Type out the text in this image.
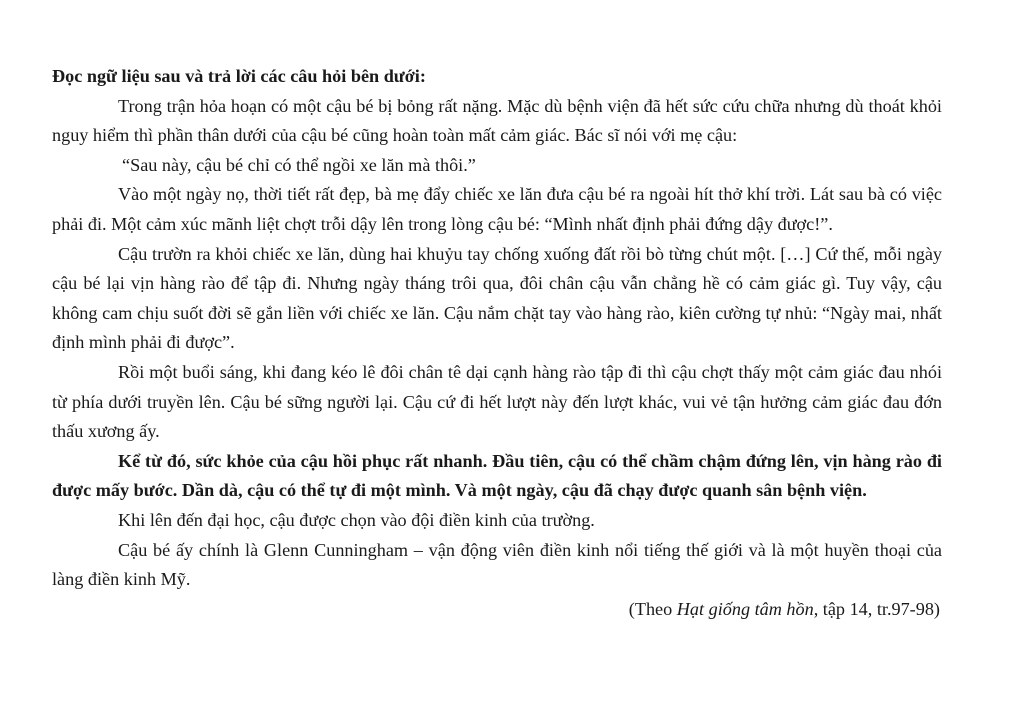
Đọc ngữ liệu sau và trả lời các câu hỏi bên dưới:

Trong trận hỏa hoạn có một cậu bé bị bỏng rất nặng. Mặc dù bệnh viện đã hết sức cứu chữa nhưng dù thoát khỏi nguy hiểm thì phần thân dưới của cậu bé cũng hoàn toàn mất cảm giác. Bác sĩ nói với mẹ cậu:

“Sau này, cậu bé chỉ có thể ngồi xe lăn mà thôi.”

Vào một ngày nọ, thời tiết rất đẹp, bà mẹ đẩy chiếc xe lăn đưa cậu bé ra ngoài hít thở khí trời. Lát sau bà có việc phải đi. Một cảm xúc mãnh liệt chợt trỗi dậy lên trong lòng cậu bé: “Mình nhất định phải đứng dậy được!”.

Cậu trườn ra khỏi chiếc xe lăn, dùng hai khuỷu tay chống xuống đất rồi bò từng chút một. […] Cứ thế, mỗi ngày cậu bé lại vịn hàng rào để tập đi. Nhưng ngày tháng trôi qua, đôi chân cậu vẫn chẳng hề có cảm giác gì. Tuy vậy, cậu không cam chịu suốt đời sẽ gắn liền với chiếc xe lăn. Cậu nắm chặt tay vào hàng rào, kiên cường tự nhủ: “Ngày mai, nhất định mình phải đi được”.

Rồi một buổi sáng, khi đang kéo lê đôi chân tê dại cạnh hàng rào tập đi thì cậu chợt thấy một cảm giác đau nhói từ phía dưới truyền lên. Cậu bé sững người lại. Cậu cứ đi hết lượt này đến lượt khác, vui vẻ tận hưởng cảm giác đau đớn thấu xương ấy.

Kể từ đó, sức khỏe của cậu hồi phục rất nhanh. Đầu tiên, cậu có thể chầm chậm đứng lên, vịn hàng rào đi được mấy bước. Dần dà, cậu có thể tự đi một mình. Và một ngày, cậu đã chạy được quanh sân bệnh viện.

Khi lên đến đại học, cậu được chọn vào đội điền kinh của trường.

Cậu bé ấy chính là Glenn Cunningham – vận động viên điền kinh nổi tiếng thế giới và là một huyền thoại của làng điền kinh Mỹ.

(Theo Hạt giống tâm hồn, tập 14, tr.97-98)
